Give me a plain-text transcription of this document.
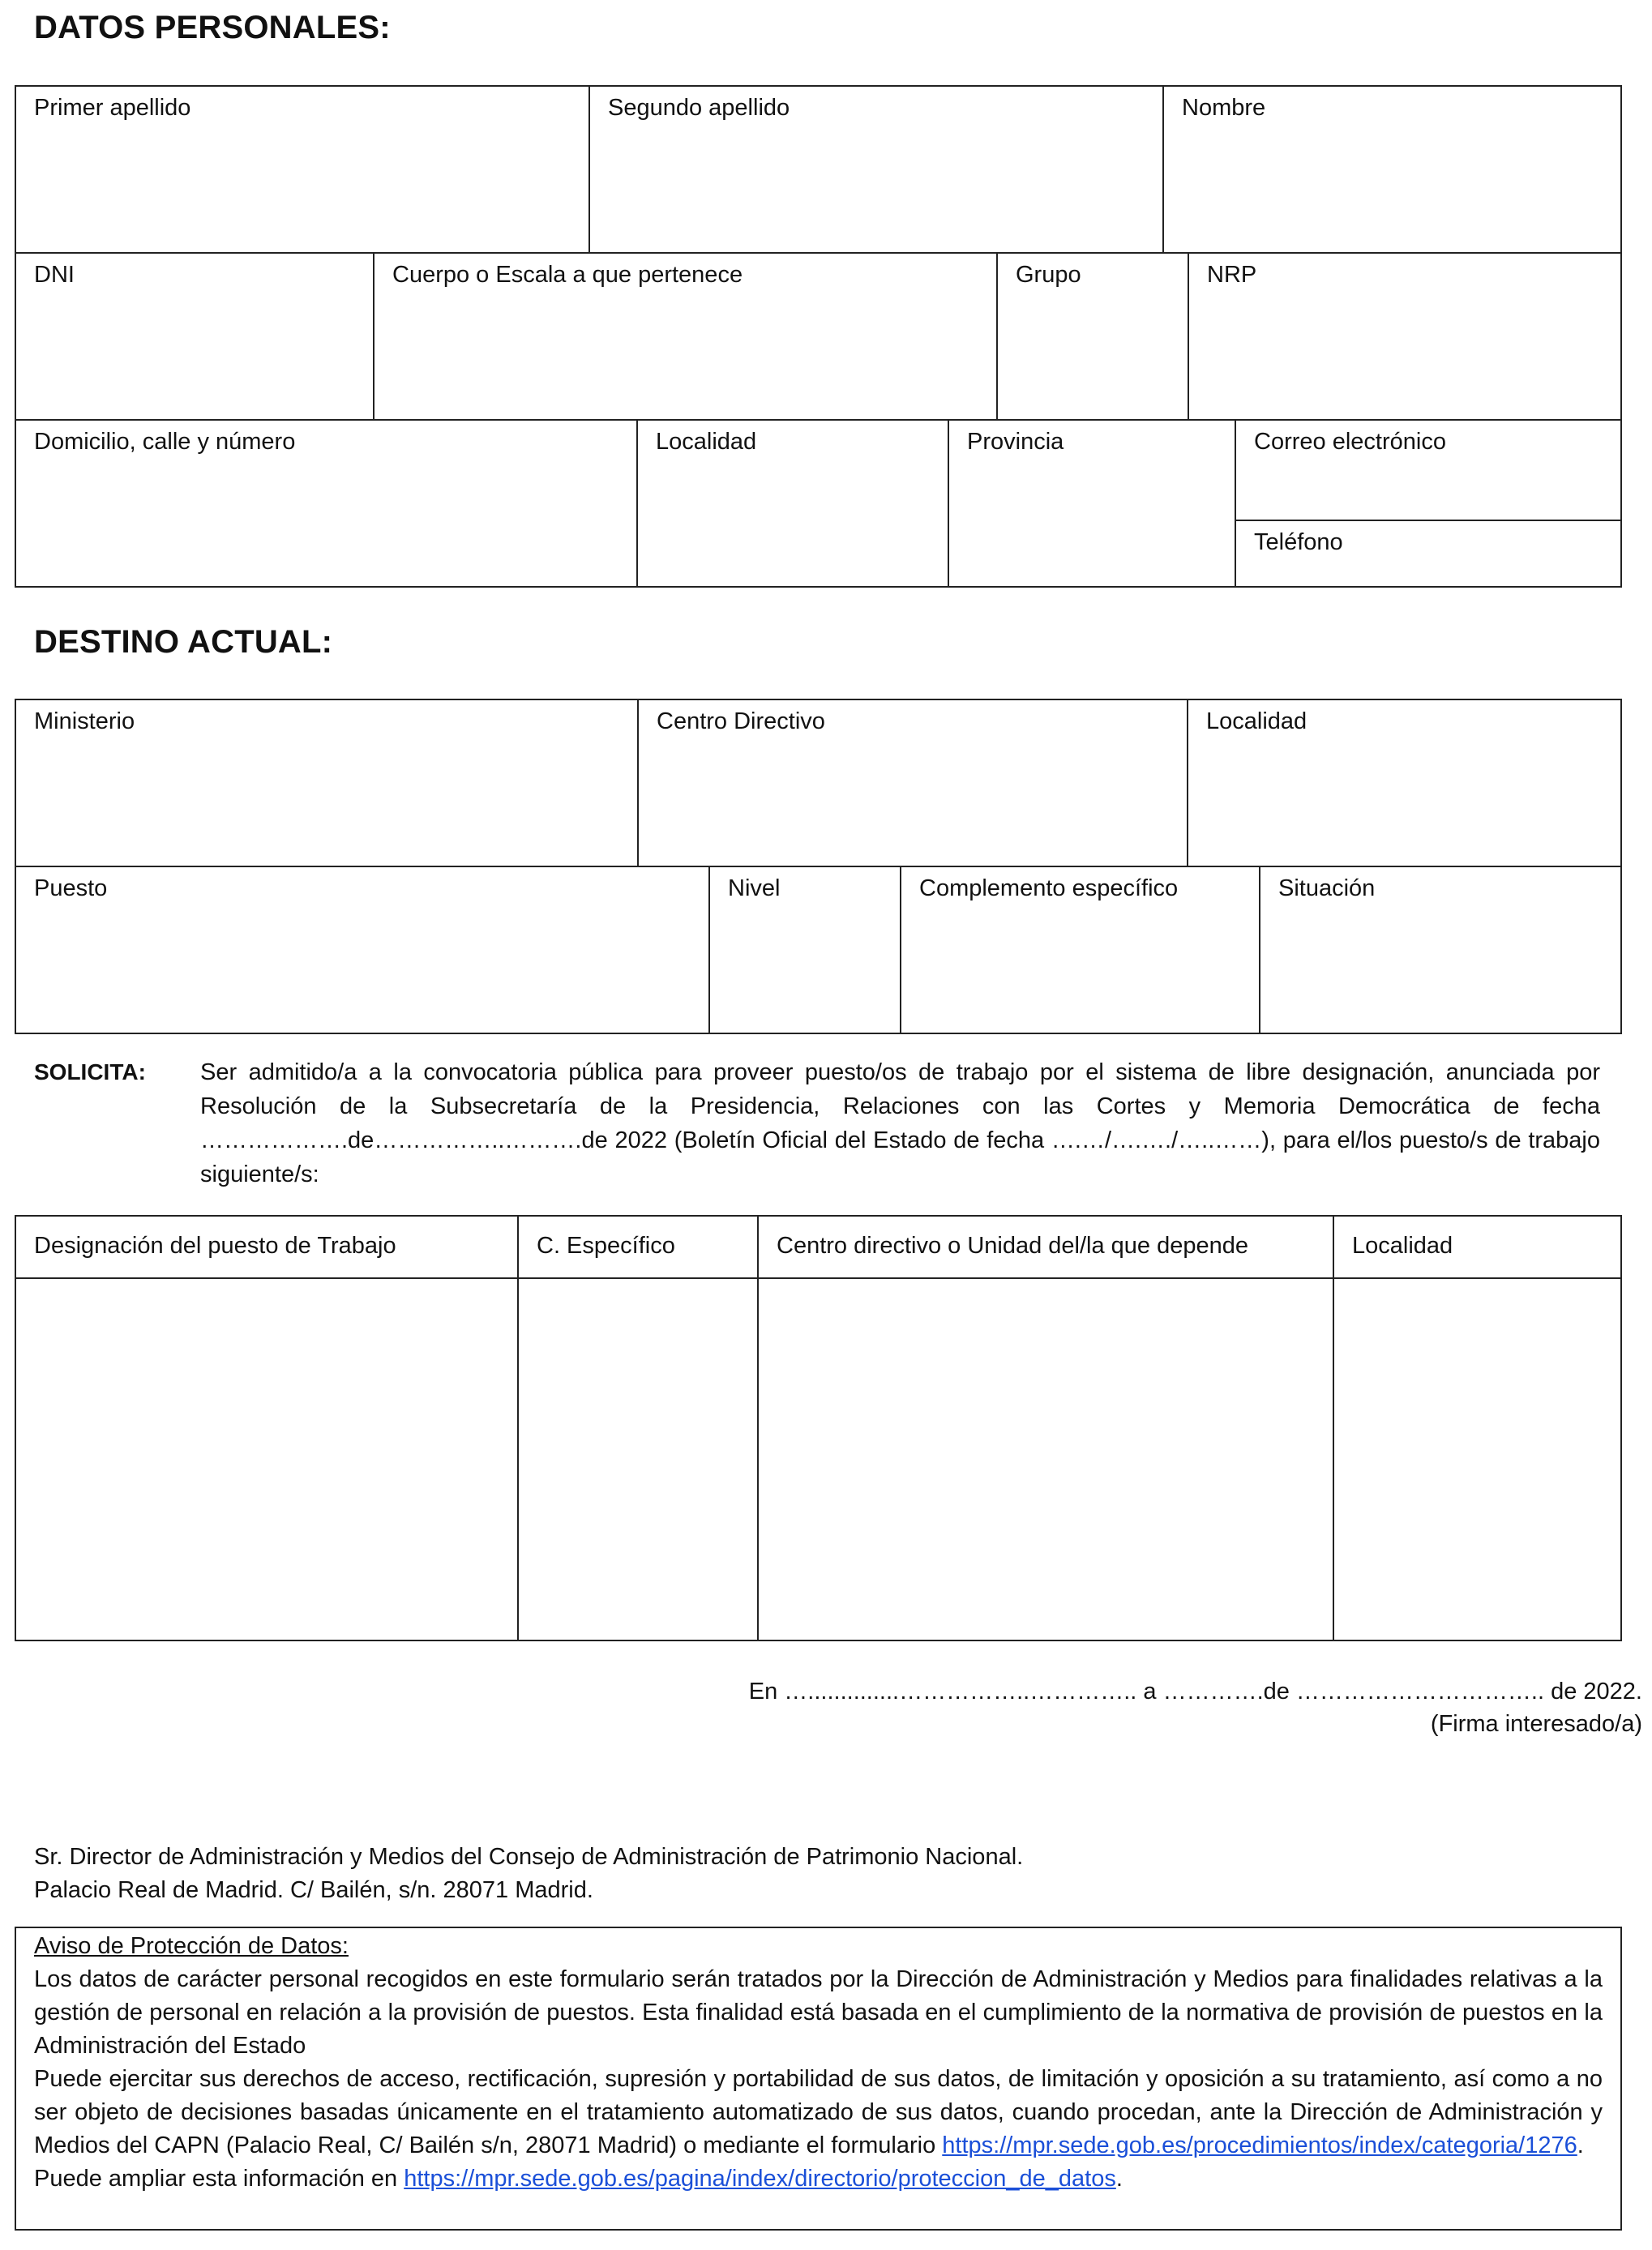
DATOS PERSONALES:
Primer apellido	Segundo apellido	Nombre
DNI	Cuerpo o Escala a que pertenece	Grupo	NRP
Domicilio, calle y número	Localidad	Provincia	Correo electrónico
Teléfono
DESTINO ACTUAL:
Ministerio	Centro Directivo	Localidad
Puesto	Nivel	Complemento específico	Situación
SOLICITA: Ser admitido/a a la convocatoria pública para proveer puesto/os de trabajo por el sistema de libre designación, anunciada por Resolución de la Subsecretaría de la Presidencia, Relaciones con las Cortes y Memoria Democrática de fecha ……………….de……………..……….de 2022 (Boletín Oficial del Estado de fecha ….…/….…./…..……), para el/los puesto/s de trabajo siguiente/s:
Designación del puesto de Trabajo	C. Específico	Centro directivo o Unidad del/la que depende	Localidad
En …..............……………..………….. a ………….de ………………………….. de 2022.
(Firma interesado/a)
Sr. Director de Administración y Medios del Consejo de Administración de Patrimonio Nacional.
Palacio Real de Madrid. C/ Bailén, s/n. 28071 Madrid.
Aviso de Protección de Datos:
Los datos de carácter personal recogidos en este formulario serán tratados por la Dirección de Administración y Medios para finalidades relativas a la gestión de personal en relación a la provisión de puestos. Esta finalidad está basada en el cumplimiento de la normativa de provisión de puestos en la Administración del Estado
Puede ejercitar sus derechos de acceso, rectificación, supresión y portabilidad de sus datos, de limitación y oposición a su tratamiento, así como a no ser objeto de decisiones basadas únicamente en el tratamiento automatizado de sus datos, cuando procedan, ante la Dirección de Administración y Medios del CAPN (Palacio Real, C/ Bailén s/n, 28071 Madrid) o mediante el formulario https://mpr.sede.gob.es/procedimientos/index/categoria/1276.
Puede ampliar esta información en https://mpr.sede.gob.es/pagina/index/directorio/proteccion_de_datos.
